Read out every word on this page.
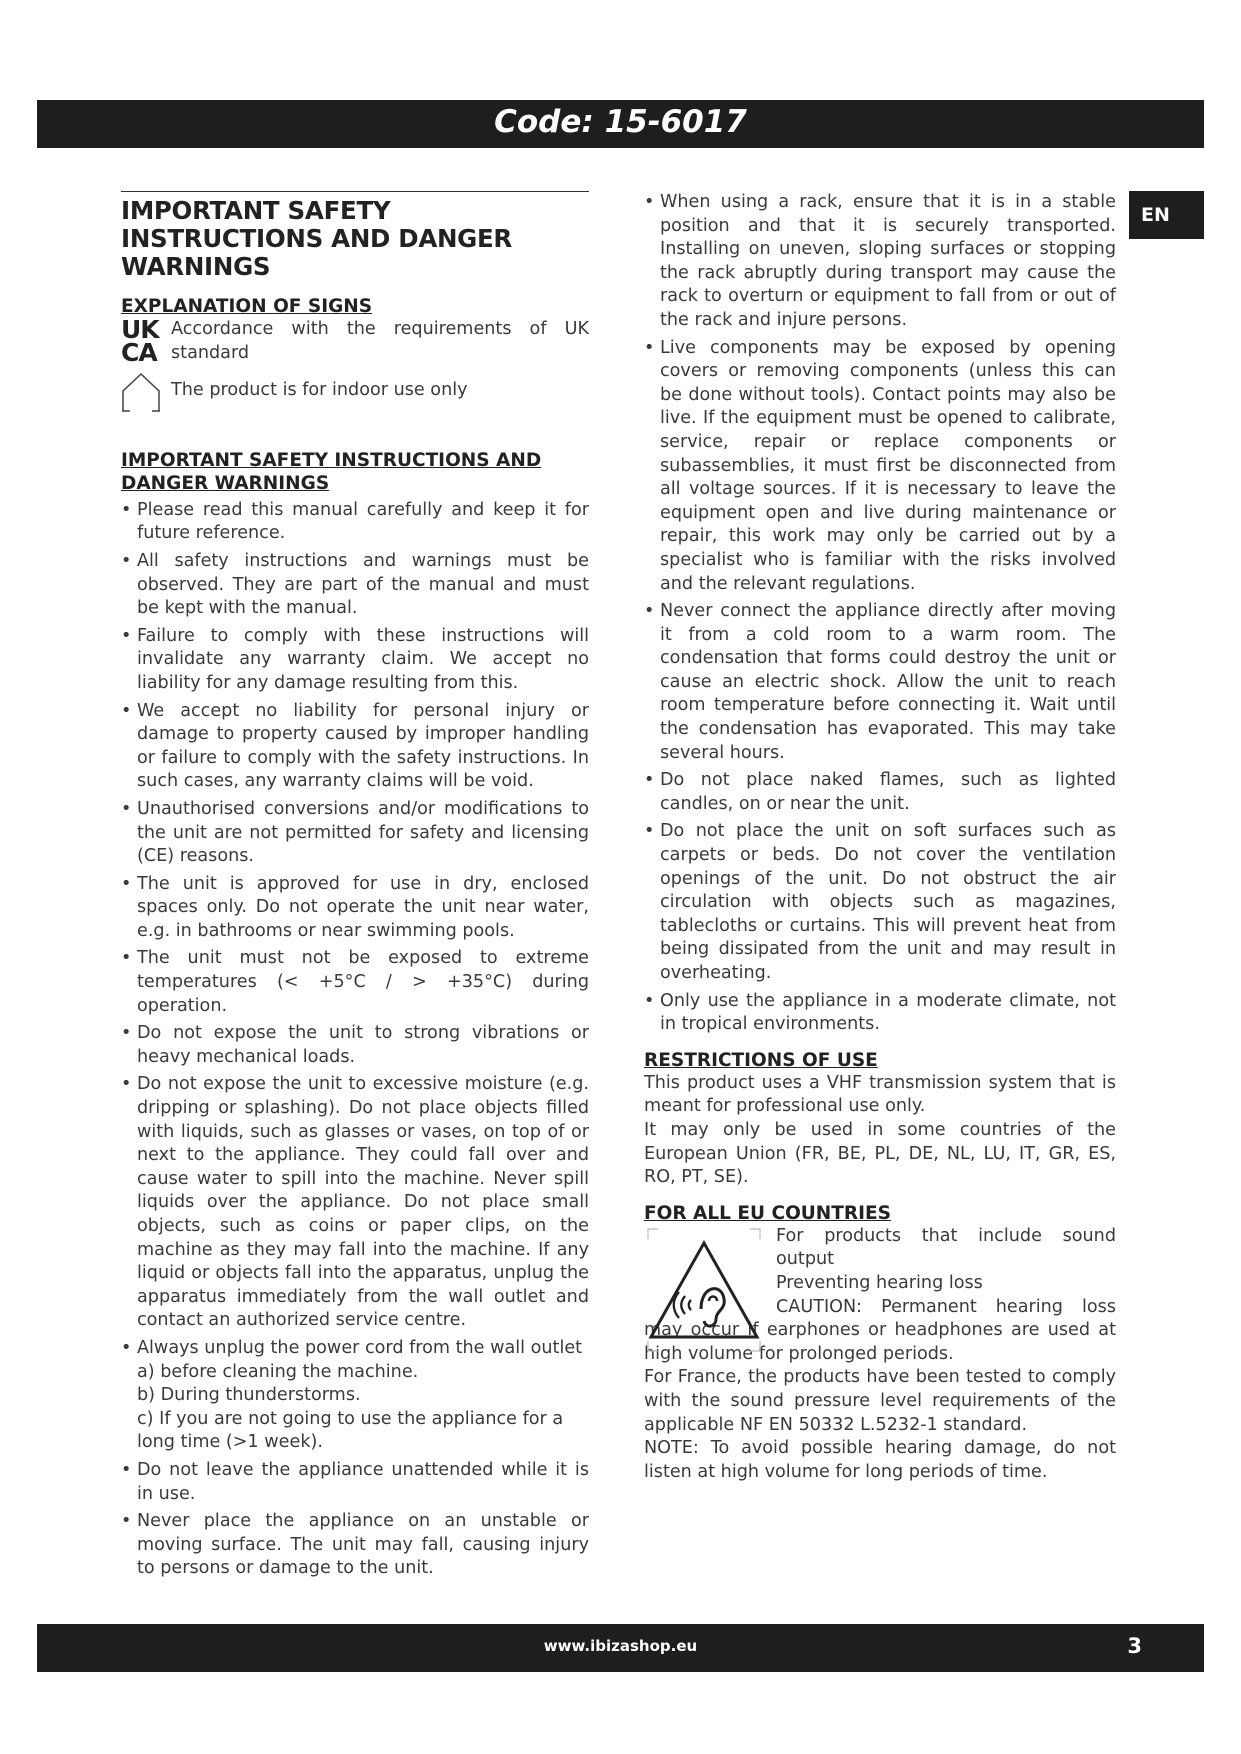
Code: 15-6017
EN
IMPORTANT SAFETY INSTRUCTIONS AND DANGER WARNINGS
EXPLANATION OF SIGNS
UK
CA
Accordance with the requirements of UK standard
The product is for indoor use only
IMPORTANT SAFETY INSTRUCTIONS AND DANGER WARNINGS
• Please read this manual carefully and keep it for future reference.
• All safety instructions and warnings must be observed. They are part of the manual and must be kept with the manual.
• Failure to comply with these instructions will invalidate any warranty claim. We accept no liability for any damage resulting from this.
• We accept no liability for personal injury or damage to property caused by improper handling or failure to comply with the safety instructions. In such cases, any warranty claims will be void.
• Unauthorised conversions and/or modifications to the unit are not permitted for safety and licensing (CE) reasons.
• The unit is approved for use in dry, enclosed spaces only. Do not operate the unit near water, e.g. in bathrooms or near swimming pools.
• The unit must not be exposed to extreme temperatures (< +5°C / > +35°C) during operation.
• Do not expose the unit to strong vibrations or heavy mechanical loads.
• Do not expose the unit to excessive moisture (e.g. dripping or splashing). Do not place objects filled with liquids, such as glasses or vases, on top of or next to the appliance. They could fall over and cause water to spill into the machine. Never spill liquids over the appliance. Do not place small objects, such as coins or paper clips, on the machine as they may fall into the machine. If any liquid or objects fall into the apparatus, unplug the apparatus immediately from the wall outlet and contact an authorized service centre.
• Always unplug the power cord from the wall outlet
a) before cleaning the machine.
b) During thunderstorms.
c) If you are not going to use the appliance for a long time (>1 week).
• Do not leave the appliance unattended while it is in use.
• Never place the appliance on an unstable or moving surface. The unit may fall, causing injury to persons or damage to the unit.
• When using a rack, ensure that it is in a stable position and that it is securely transported. Installing on uneven, sloping surfaces or stopping the rack abruptly during transport may cause the rack to overturn or equipment to fall from or out of the rack and injure persons.
• Live components may be exposed by opening covers or removing components (unless this can be done without tools). Contact points may also be live. If the equipment must be opened to calibrate, service, repair or replace components or subassemblies, it must first be disconnected from all voltage sources. If it is necessary to leave the equipment open and live during maintenance or repair, this work may only be carried out by a specialist who is familiar with the risks involved and the relevant regulations.
• Never connect the appliance directly after moving it from a cold room to a warm room. The condensation that forms could destroy the unit or cause an electric shock. Allow the unit to reach room temperature before connecting it. Wait until the condensation has evaporated. This may take several hours.
• Do not place naked flames, such as lighted candles, on or near the unit.
• Do not place the unit on soft surfaces such as carpets or beds. Do not cover the ventilation openings of the unit. Do not obstruct the air circulation with objects such as magazines, tablecloths or curtains. This will prevent heat from being dissipated from the unit and may result in overheating.
• Only use the appliance in a moderate climate, not in tropical environments.
RESTRICTIONS OF USE

This product uses a VHF transmission system that is meant for professional use only.

It may only be used in some countries of the European Union (FR, BE, PL, DE, NL, LU, IT, GR, ES, RO, PT, SE).

FOR ALL EU COUNTRIES
For products that include sound output
Preventing hearing loss
CAUTION: Permanent hearing loss may occur if earphones or headphones are used at high volume for prolonged periods.

For France, the products have been tested to comply with the sound pressure level requirements of the applicable NF EN 50332 L.5232-1 standard.

NOTE: To avoid possible hearing damage, do not listen at high volume for long periods of time.

www.ibizashop.eu	3
